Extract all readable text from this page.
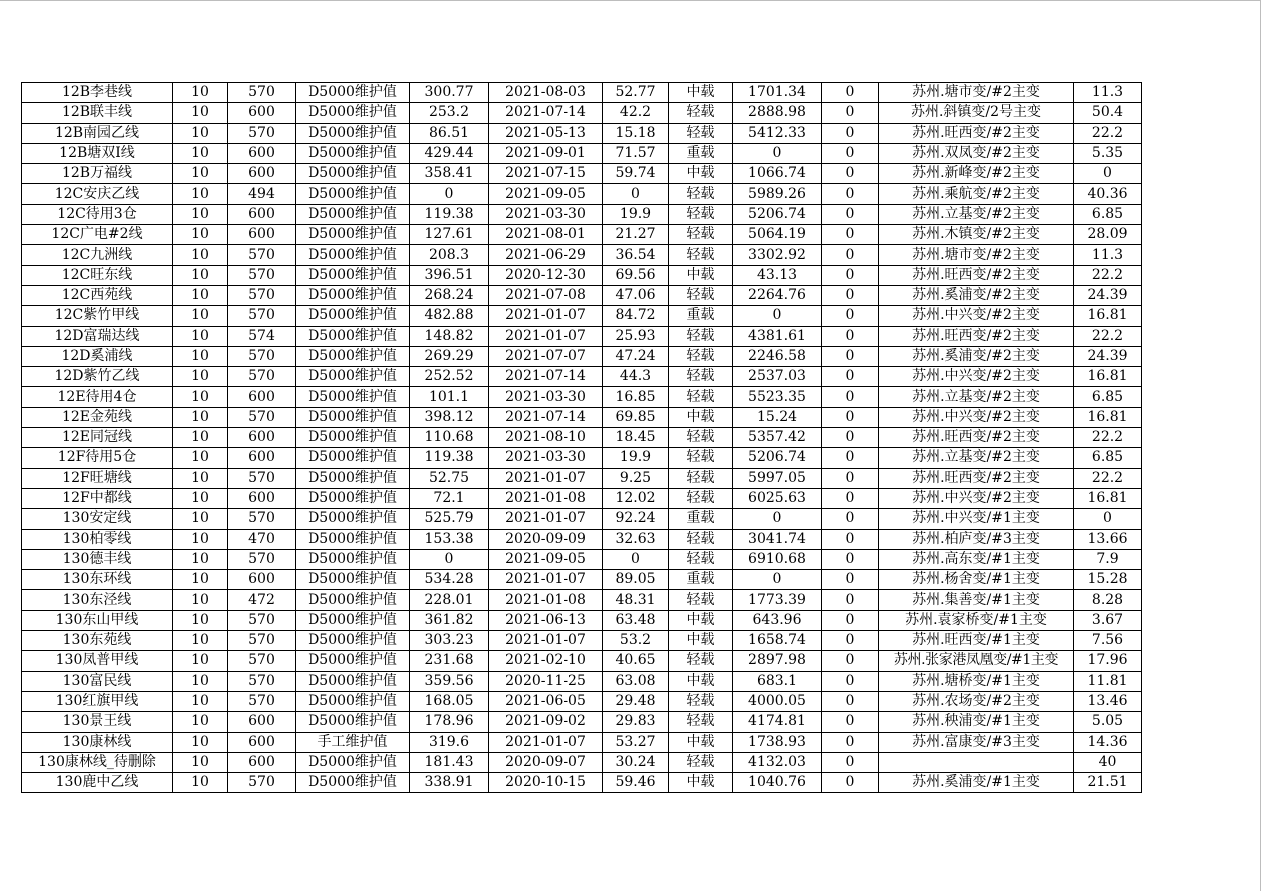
12B李巷线	10	570	D5000维护值	300.77	2021-08-03	52.77	中载	1701.34	0	苏州.塘市变/#2主变	11.3
12B联丰线	10	600	D5000维护值	253.2	2021-07-14	42.2	轻载	2888.98	0	苏州.斜镇变/2号主变	50.4
12B南园乙线	10	570	D5000维护值	86.51	2021-05-13	15.18	轻载	5412.33	0	苏州.旺西变/#2主变	22.2
12B塘双Ⅰ线	10	600	D5000维护值	429.44	2021-09-01	71.57	重载	0	0	苏州.双凤变/#2主变	5.35
12B万福线	10	600	D5000维护值	358.41	2021-07-15	59.74	中载	1066.74	0	苏州.新峰变/#2主变	0
12C安庆乙线	10	494	D5000维护值	0	2021-09-05	0	轻载	5989.26	0	苏州.乘航变/#2主变	40.36
12C待用3仓	10	600	D5000维护值	119.38	2021-03-30	19.9	轻载	5206.74	0	苏州.立基变/#2主变	6.85
12C广电#2线	10	600	D5000维护值	127.61	2021-08-01	21.27	轻载	5064.19	0	苏州.木镇变/#2主变	28.09
12C九洲线	10	570	D5000维护值	208.3	2021-06-29	36.54	轻载	3302.92	0	苏州.塘市变/#2主变	11.3
12C旺东线	10	570	D5000维护值	396.51	2020-12-30	69.56	中载	43.13	0	苏州.旺西变/#2主变	22.2
12C西苑线	10	570	D5000维护值	268.24	2021-07-08	47.06	轻载	2264.76	0	苏州.奚浦变/#2主变	24.39
12C紫竹甲线	10	570	D5000维护值	482.88	2021-01-07	84.72	重载	0	0	苏州.中兴变/#2主变	16.81
12D富瑞达线	10	574	D5000维护值	148.82	2021-01-07	25.93	轻载	4381.61	0	苏州.旺西变/#2主变	22.2
12D奚浦线	10	570	D5000维护值	269.29	2021-07-07	47.24	轻载	2246.58	0	苏州.奚浦变/#2主变	24.39
12D紫竹乙线	10	570	D5000维护值	252.52	2021-07-14	44.3	轻载	2537.03	0	苏州.中兴变/#2主变	16.81
12E待用4仓	10	600	D5000维护值	101.1	2021-03-30	16.85	轻载	5523.35	0	苏州.立基变/#2主变	6.85
12E金苑线	10	570	D5000维护值	398.12	2021-07-14	69.85	中载	15.24	0	苏州.中兴变/#2主变	16.81
12E同冠线	10	600	D5000维护值	110.68	2021-08-10	18.45	轻载	5357.42	0	苏州.旺西变/#2主变	22.2
12F待用5仓	10	600	D5000维护值	119.38	2021-03-30	19.9	轻载	5206.74	0	苏州.立基变/#2主变	6.85
12F旺塘线	10	570	D5000维护值	52.75	2021-01-07	9.25	轻载	5997.05	0	苏州.旺西变/#2主变	22.2
12F中都线	10	600	D5000维护值	72.1	2021-01-08	12.02	轻载	6025.63	0	苏州.中兴变/#2主变	16.81
130安定线	10	570	D5000维护值	525.79	2021-01-07	92.24	重载	0	0	苏州.中兴变/#1主变	0
130柏零线	10	470	D5000维护值	153.38	2020-09-09	32.63	轻载	3041.74	0	苏州.柏庐变/#3主变	13.66
130德丰线	10	570	D5000维护值	0	2021-09-05	0	轻载	6910.68	0	苏州.高东变/#1主变	7.9
130东环线	10	600	D5000维护值	534.28	2021-01-07	89.05	重载	0	0	苏州.杨舍变/#1主变	15.28
130东泾线	10	472	D5000维护值	228.01	2021-01-08	48.31	轻载	1773.39	0	苏州.集善变/#1主变	8.28
130东山甲线	10	570	D5000维护值	361.82	2021-06-13	63.48	中载	643.96	0	苏州.袁家桥变/#1主变	3.67
130东苑线	10	570	D5000维护值	303.23	2021-01-07	53.2	中载	1658.74	0	苏州.旺西变/#1主变	7.56
130凤普甲线	10	570	D5000维护值	231.68	2021-02-10	40.65	轻载	2897.98	0	苏州.张家港凤凰变/#1主变	17.96
130富民线	10	570	D5000维护值	359.56	2020-11-25	63.08	中载	683.1	0	苏州.塘桥变/#1主变	11.81
130红旗甲线	10	570	D5000维护值	168.05	2021-06-05	29.48	轻载	4000.05	0	苏州.农场变/#2主变	13.46
130景王线	10	600	D5000维护值	178.96	2021-09-02	29.83	轻载	4174.81	0	苏州.秧浦变/#1主变	5.05
130康林线	10	600	手工维护值	319.6	2021-01-07	53.27	中载	1738.93	0	苏州.富康变/#3主变	14.36
130康林线_待删除	10	600	D5000维护值	181.43	2020-09-07	30.24	轻载	4132.03	0		40
130鹿中乙线	10	570	D5000维护值	338.91	2020-10-15	59.46	中载	1040.76	0	苏州.奚浦变/#1主变	21.51
